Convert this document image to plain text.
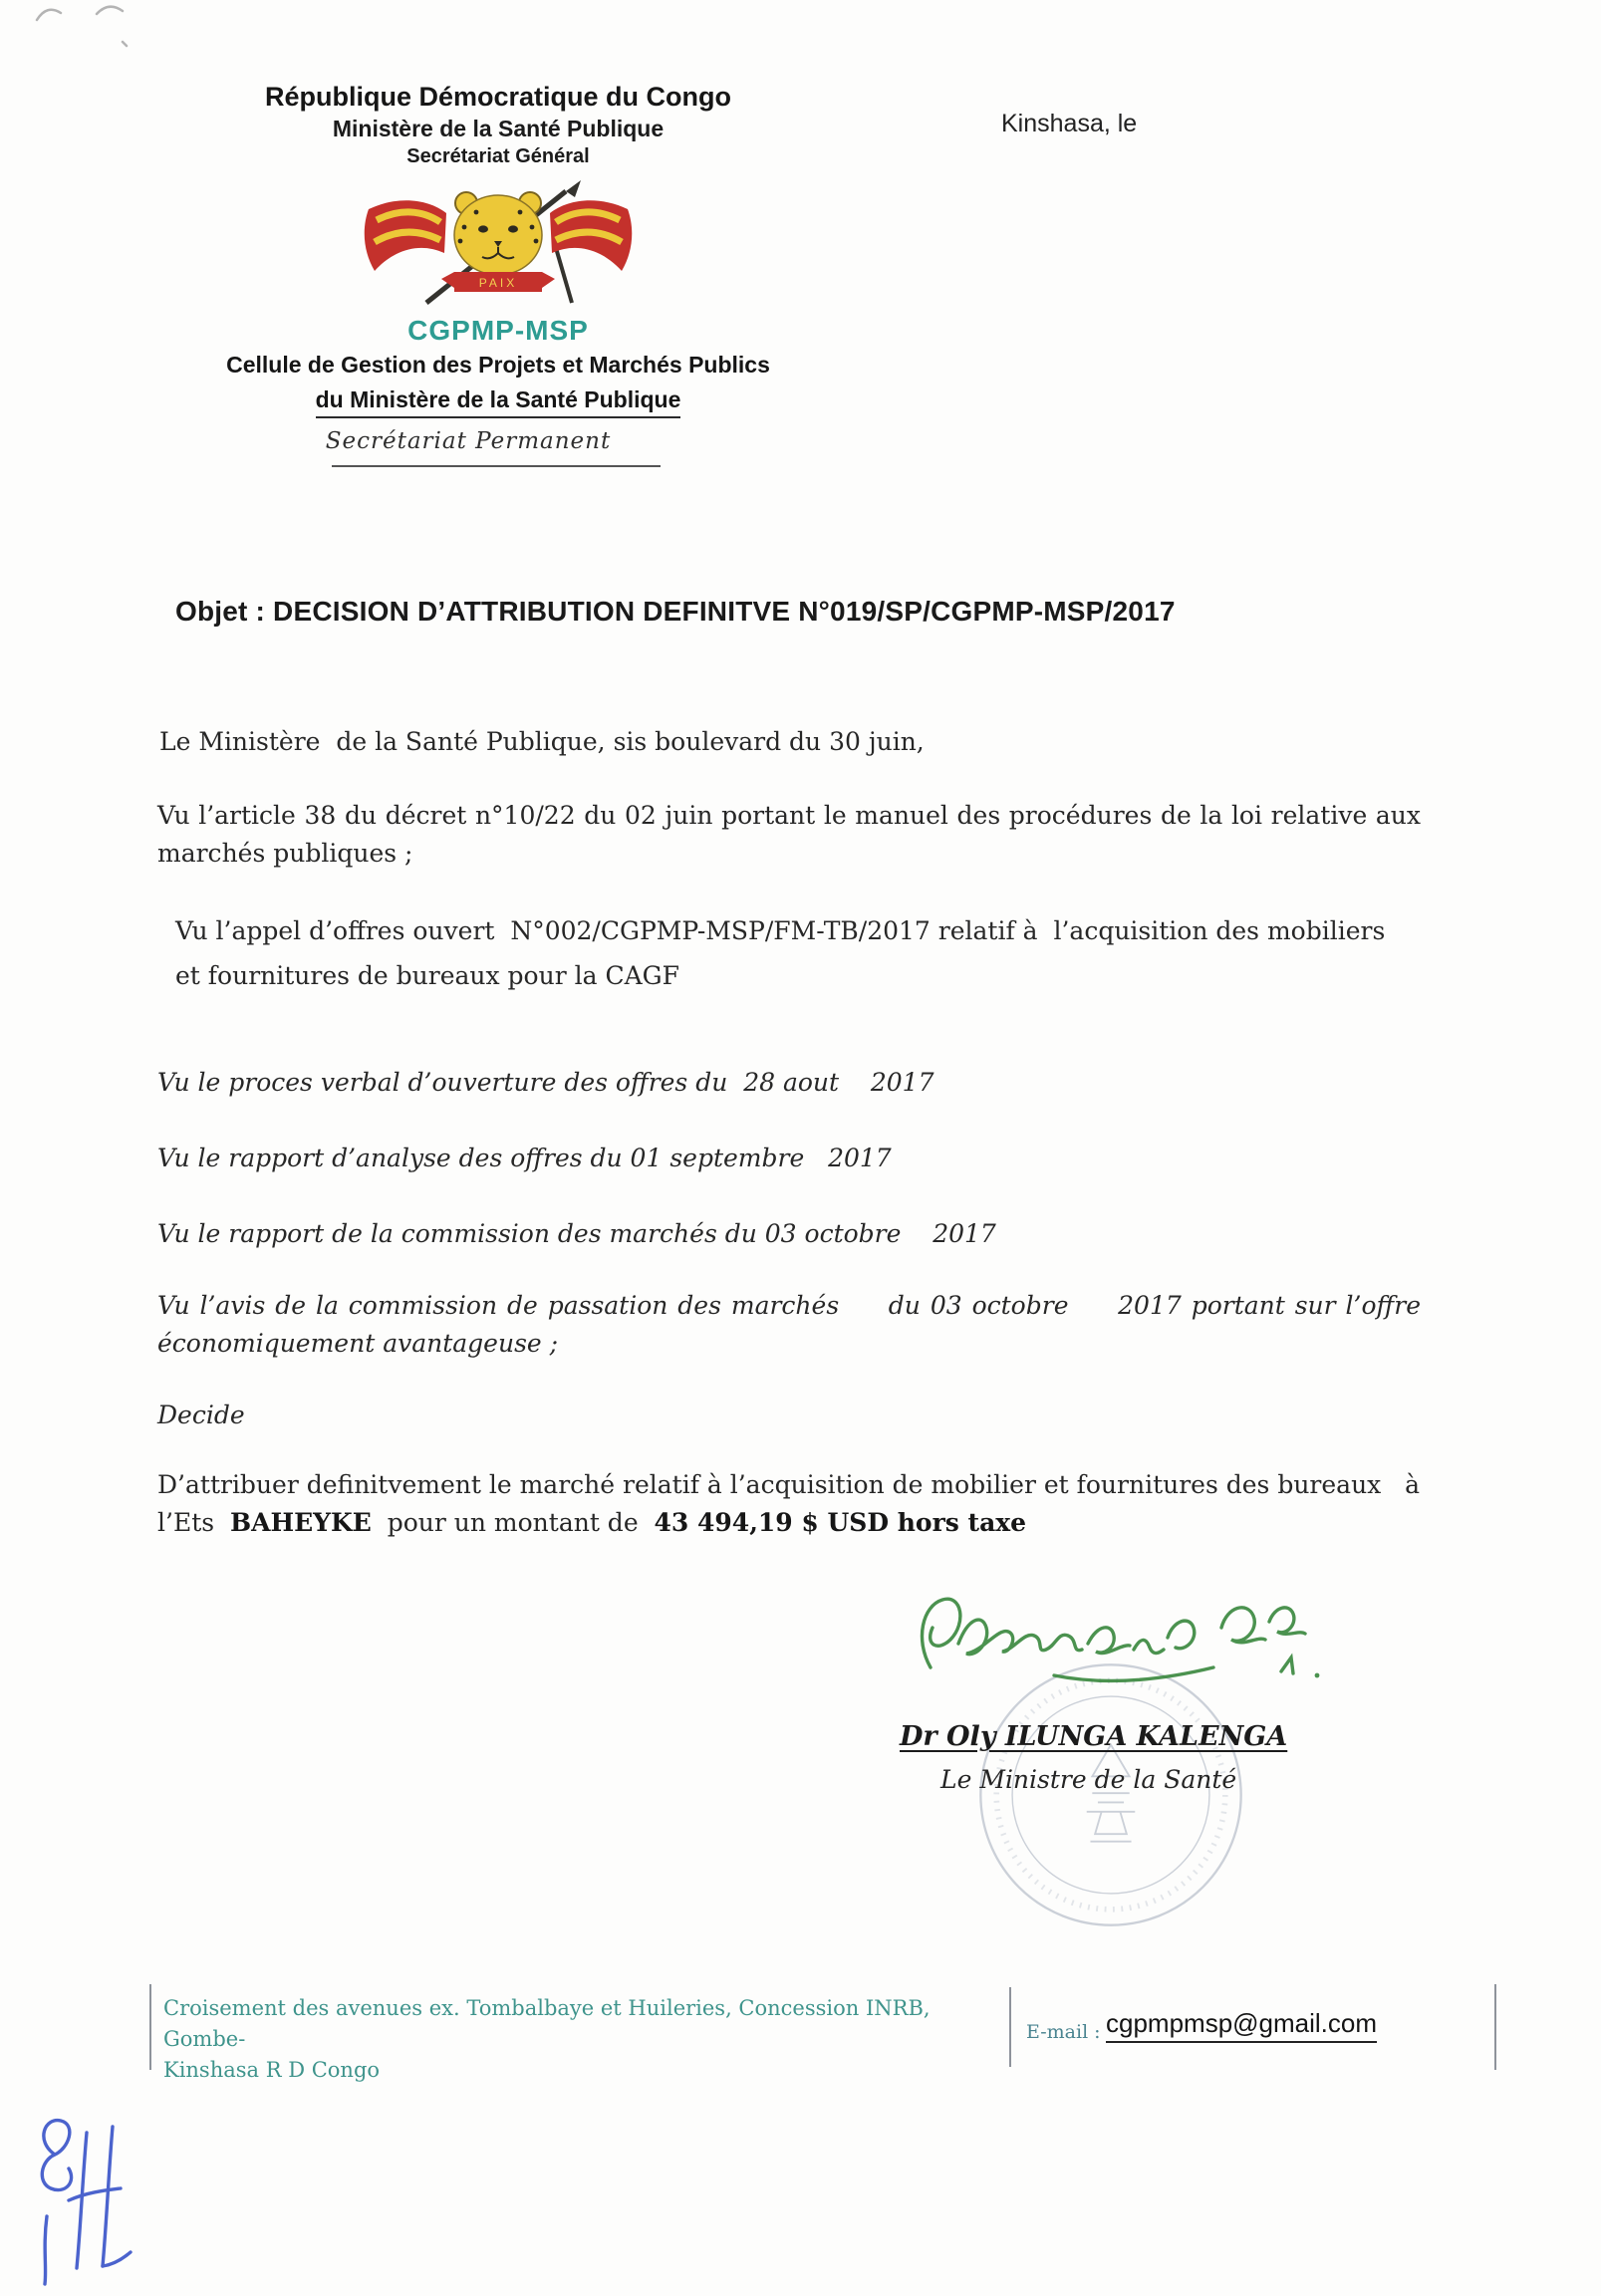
République Démocratique du Congo
Ministère de la Santé Publique
Secrétariat Général
Kinshasa, le
PAIX
CGPMP-MSP
Cellule de Gestion des Projets et Marchés Publics
du Ministère de la Santé Publique
Secrétariat Permanent
Objet : DECISION D’ATTRIBUTION DEFINITVE N°019/SP/CGPMP-MSP/2017

Le Ministère  de la Santé Publique, sis boulevard du 30 juin,

Vu l’article 38 du décret n°10/22 du 02 juin portant le manuel des procédures de la loi relative aux marchés publiques ;

Vu l’appel d’offres ouvert  N°002/CGPMP-MSP/FM-TB/2017 relatif à  l’acquisition des mobiliers et fournitures de bureaux pour la CAGF

Vu le proces verbal d’ouverture des offres du  28 aout    2017

Vu le rapport d’analyse des offres du 01 septembre   2017

Vu le rapport de la commission des marchés du 03 octobre    2017

Vu l’avis de la commission de passation des marchés     du 03 octobre     2017 portant sur l’offre économiquement avantageuse ;

Decide

D’attribuer definitvement le marché relatif à l’acquisition de mobilier et fournitures des bureaux   à l’Ets  BAHEYKE  pour un montant de  43 494,19 $ USD hors taxe

Dr Oly ILUNGA KALENGA
Le Ministre de la Santé
Croisement des avenues ex. Tombalbaye et Huileries, Concession INRB, Gombe-
Kinshasa R D Congo
E-mail : cgpmpmsp@gmail.com
